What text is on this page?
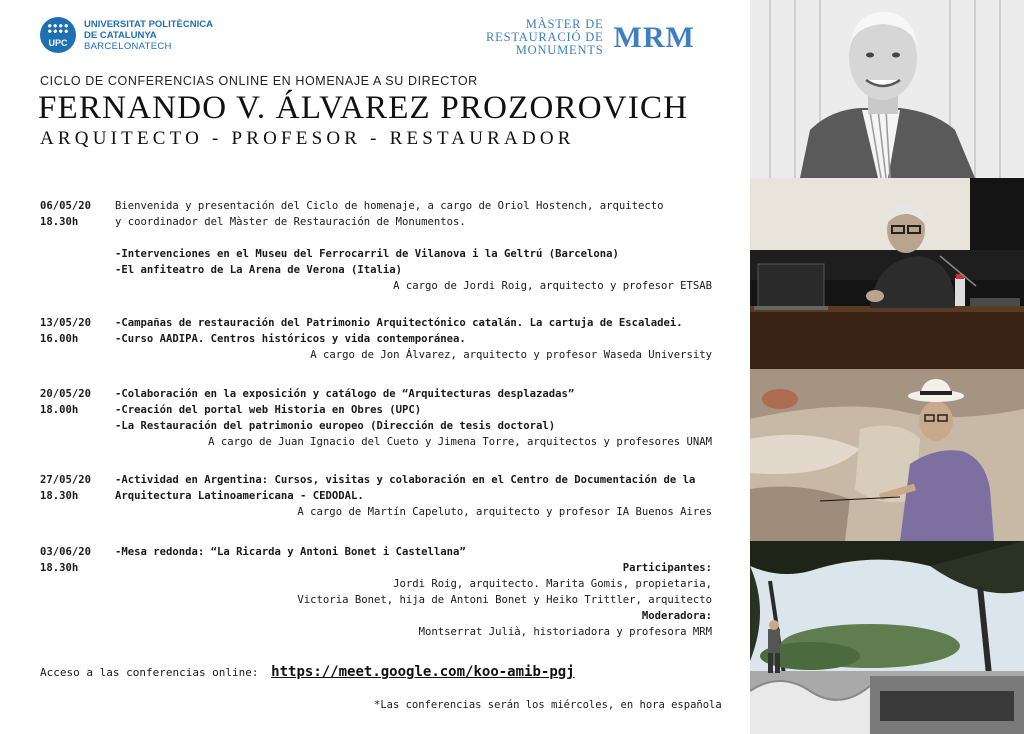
UPC
UNIVERSITAT POLITÈCNICA
DE CATALUNYA
BARCELONATECH
MÀSTER DE
RESTAURACIÓ DE
MONUMENTS MRM
CICLO DE CONFERENCIAS ONLINE EN HOMENAJE A SU DIRECTOR
FERNANDO V. ÁLVAREZ PROZOROVICH
ARQUITECTO - PROFESOR - RESTAURADOR
06/05/20
18.30h
Bienvenida y presentación del Ciclo de homenaje, a cargo de Oriol Hostench, arquitecto
y coordinador del Màster de Restauración de Monumentos.

-Intervenciones en el Museu del Ferrocarril de Vilanova i la Geltrú (Barcelona)
-El anfiteatro de La Arena de Verona (Italia)
A cargo de Jordi Roig, arquitecto y profesor ETSAB
13/05/20
16.00h
-Campañas de restauración del Patrimonio Arquitectónico catalán. La cartuja de Escaladei.
-Curso AADIPA. Centros históricos y vida contemporánea.
A cargo de Jon Álvarez, arquitecto y profesor Waseda University
20/05/20
18.00h
-Colaboración en la exposición y catálogo de “Arquitecturas desplazadas”
-Creación del portal web Historia en Obres (UPC)
-La Restauración del patrimonio europeo (Dirección de tesis doctoral)
A cargo de Juan Ignacio del Cueto y Jimena Torre, arquitectos y profesores UNAM
27/05/20
18.30h
-Actividad en Argentina: Cursos, visitas y colaboración en el Centro de Documentación de la
Arquitectura Latinoamericana - CEDODAL.
A cargo de Martín Capeluto, arquitecto y profesor IA Buenos Aires
03/06/20
18.30h
-Mesa redonda: “La Ricarda y Antoni Bonet i Castellana”
Participantes:
Jordi Roig, arquitecto. Marita Gomis, propietaria,
Victoria Bonet, hija de Antoni Bonet y Heiko Trittler, arquitecto
Moderadora:
Montserrat Julià, historiadora y profesora MRM
Acceso a las conferencias online: https://meet.google.com/koo-amib-pgj
*Las conferencias serán los miércoles, en hora española
